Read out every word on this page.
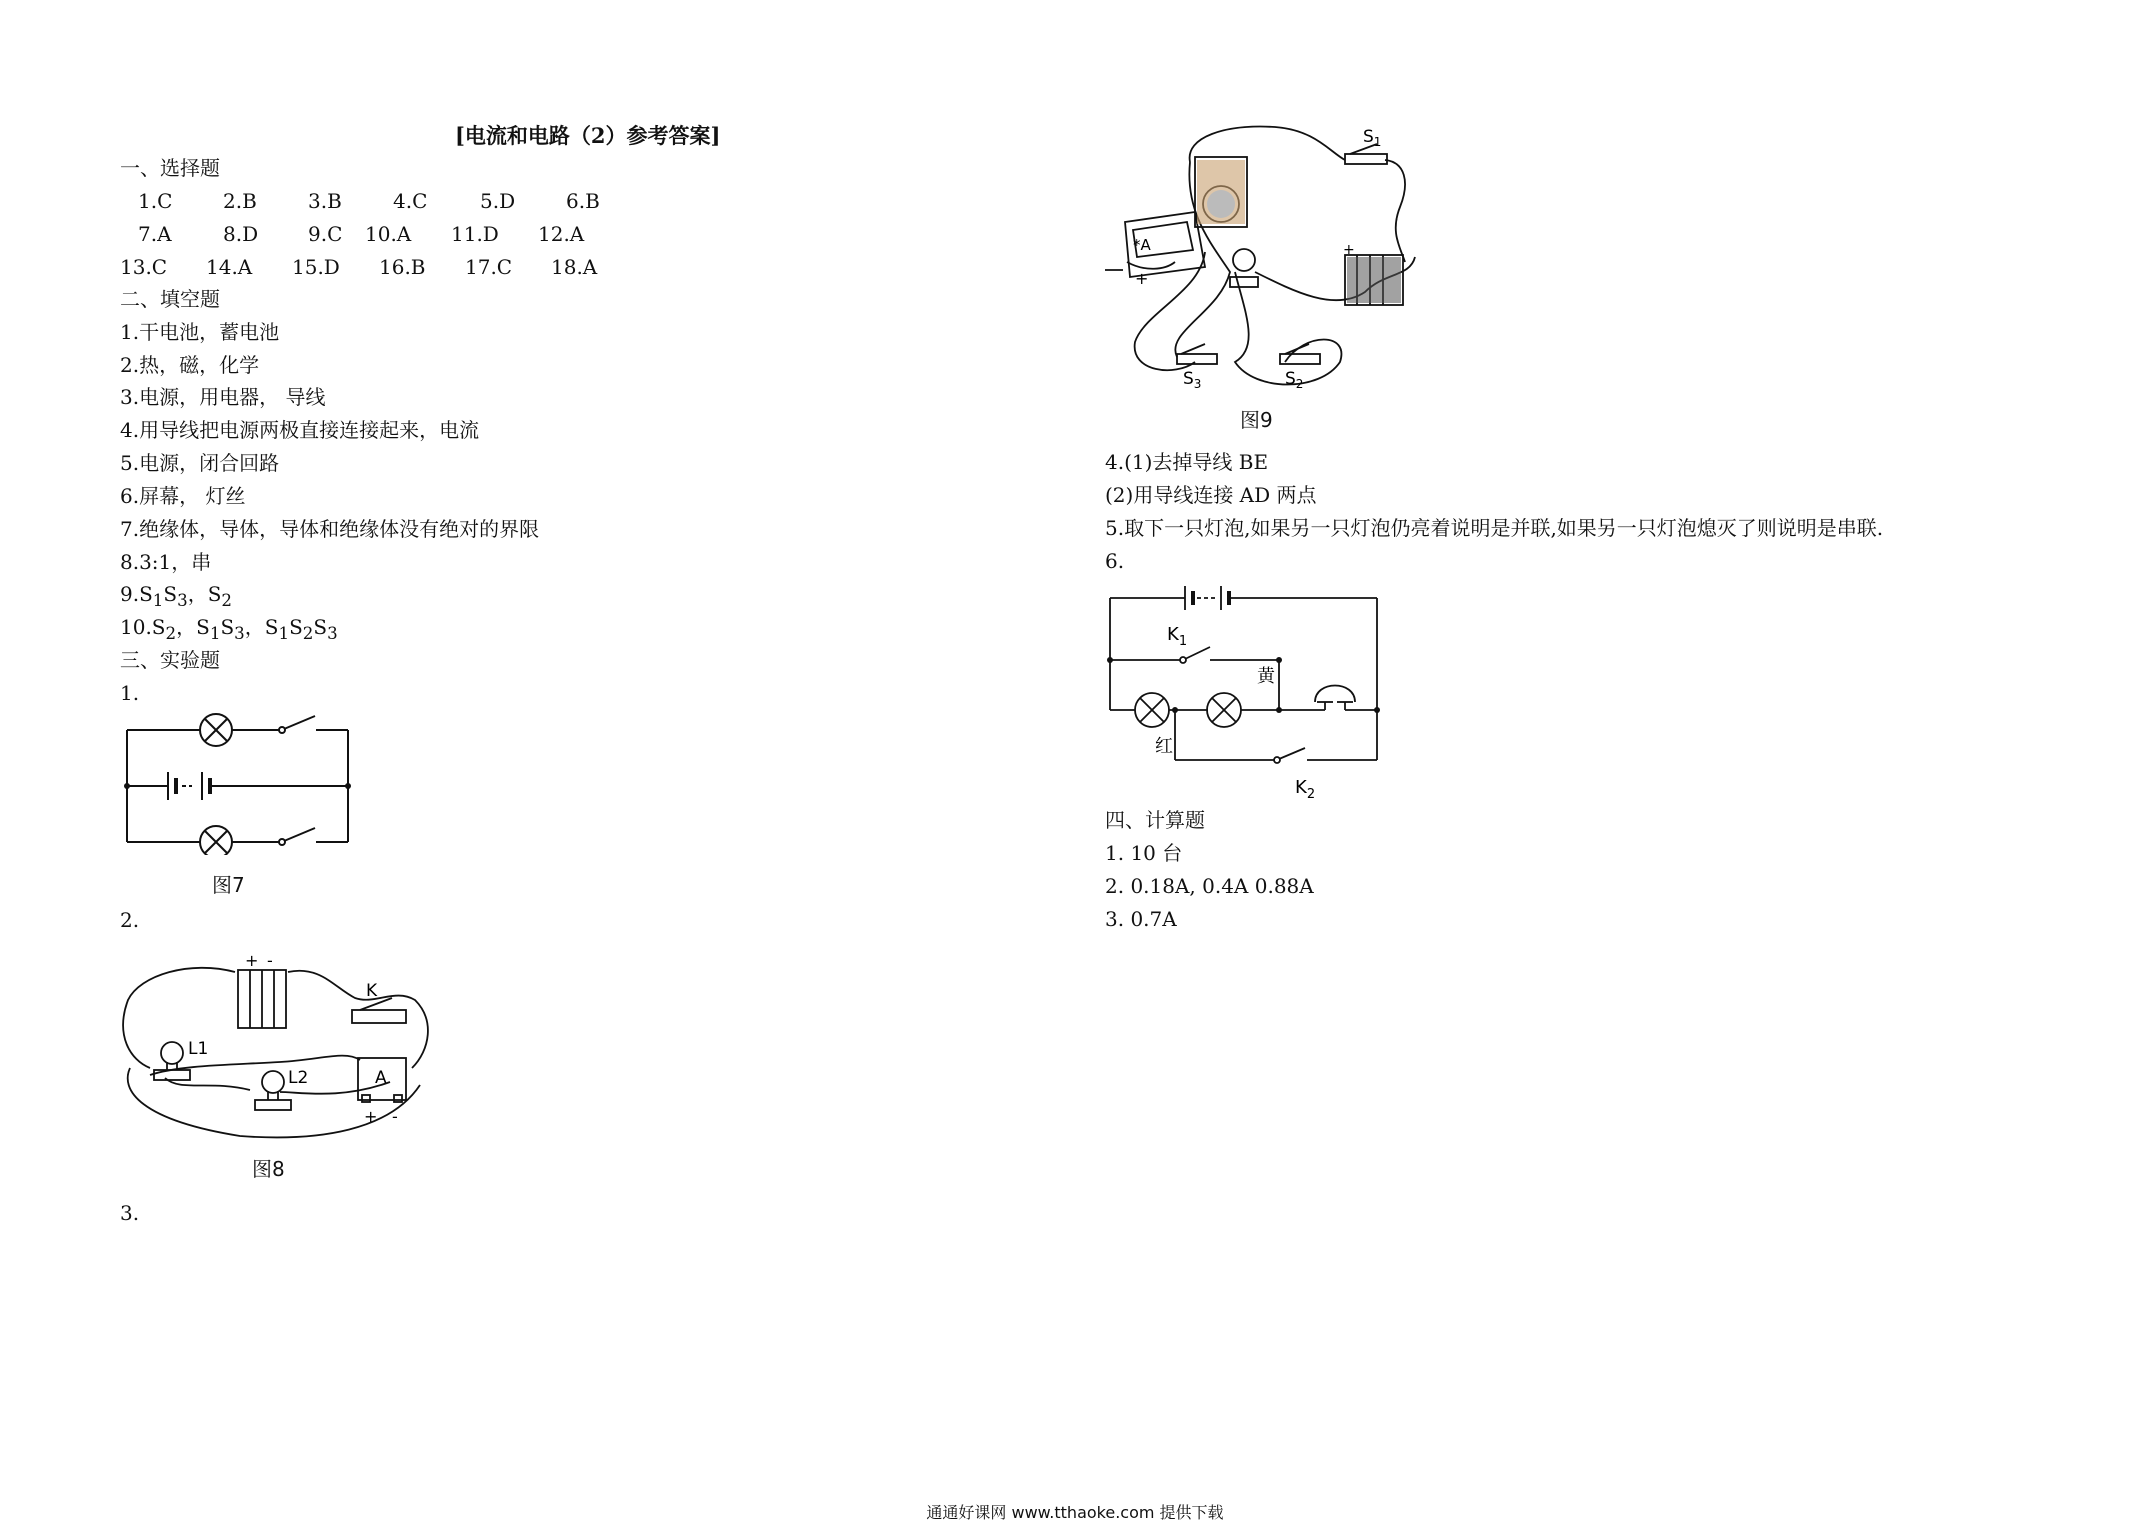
[电流和电路（2）参考答案]
一、选择题
1.C	2.B	3.B	4.C	5.D	6.B
7.A	8.D 9.C 10.A 11.D 12.A
13.C 14.A 15.D 16.B 17.C 18.A
二、填空题
1.干电池，蓄电池
2.热，磁，化学
3.电源，用电器， 导线
4.用导线把电源两极直接连接起来，电流
5.电源，闭合回路
6.屏幕， 灯丝
7.绝缘体，导体，导体和绝缘体没有绝对的界限
8.3:1，串
$9.S_1S_3$，$S_2$
$10.S_2$，$S_1S_3$，$S_1S_2S_3$
三、实验题
1.
图7
2.
+ -
K
L1
L2	A
+ -
图8
3.
*A
+
+
$S_1$
$S_3$	$S_2$
图9
4.(1)去掉导线 BE
(2)用导线连接 AD 两点
5.取下一只灯泡,如果另一只灯泡仍亮着说明是并联,如果另一只灯泡熄灭了则说明是串联.
6.
$K_1$
黄
红
$K_2$
四、计算题
1. 10 台
2. 0.18A, 0.4A 0.88A
3. 0.7A
通通好课网 www.tthaoke.com 提供下载
